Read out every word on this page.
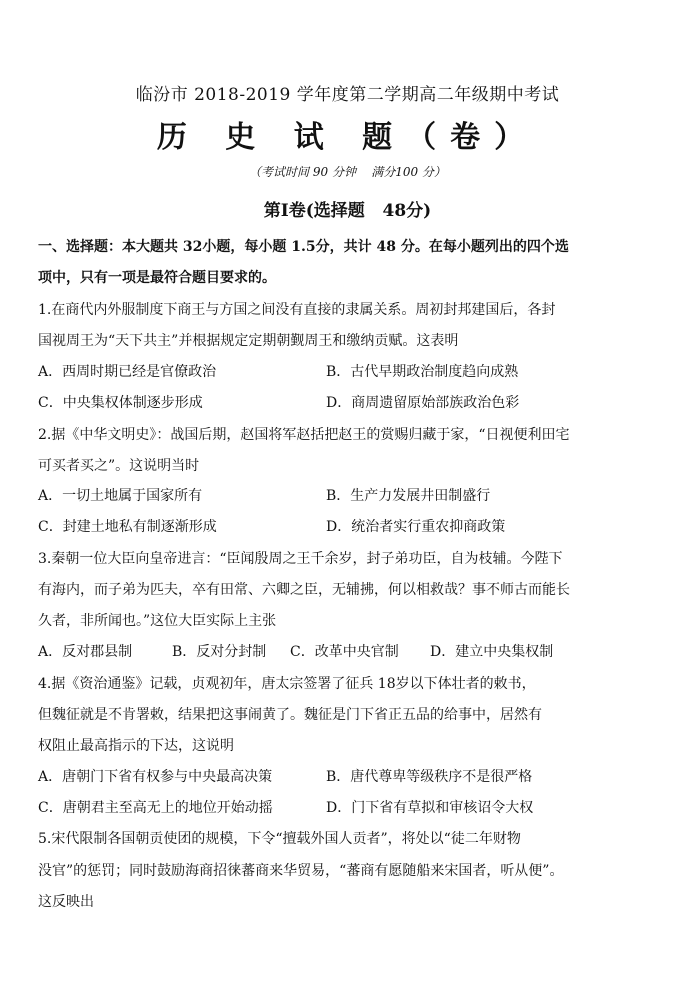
临汾市 2018-2019 学年度第二学期高二年级期中考试
历 史 试 题（卷）
（考试时间 90 分钟    满分100 分）
第Ⅰ卷(选择题   48分)
一、选择题：本大题共 32小题，每小题 1.5分，共计 48 分。在每小题列出的四个选
项中，只有一项是最符合题目要求的。
1.在商代内外服制度下商王与方国之间没有直接的隶属关系。周初封邦建国后，各封
国视周王为“天下共主”并根据规定定期朝觐周王和缴纳贡赋。这表明
A．西周时期已经是官僚政治	B．古代早期政治制度趋向成熟
C．中央集权体制逐步形成	D．商周遗留原始部族政治色彩
2.据《中华文明史》：战国后期，赵国将军赵括把赵王的赏赐归藏于家，“日视便利田宅
可买者买之”。这说明当时
A．一切土地属于国家所有	B．生产力发展井田制盛行
C．封建土地私有制逐渐形成	D．统治者实行重农抑商政策
3.秦朝一位大臣向皇帝进言：“臣闻殷周之王千余岁，封子弟功臣，自为枝辅。今陛下
有海内，而子弟为匹夫，卒有田常、六卿之臣，无辅拂，何以相救哉？事不师古而能长
久者，非所闻也。”这位大臣实际上主张
A．反对郡县制	B．反对分封制 C．改革中央官制 D．建立中央集权制
4.据《资治通鉴》记载，贞观初年，唐太宗签署了征兵 18岁以下体壮者的敕书，
但魏征就是不肯署敕，结果把这事闹黄了。魏征是门下省正五品的给事中，居然有
权阻止最高指示的下达，这说明
A．唐朝门下省有权参与中央最高决策	B．唐代尊卑等级秩序不是很严格
C．唐朝君主至高无上的地位开始动摇	D．门下省有草拟和审核诏令大权
5.宋代限制各国朝贡使团的规模，下令“擅载外国人贡者”，将处以“徒二年财物
没官”的惩罚；同时鼓励海商招徕蕃商来华贸易，“蕃商有愿随船来宋国者，听从便”。
这反映出
